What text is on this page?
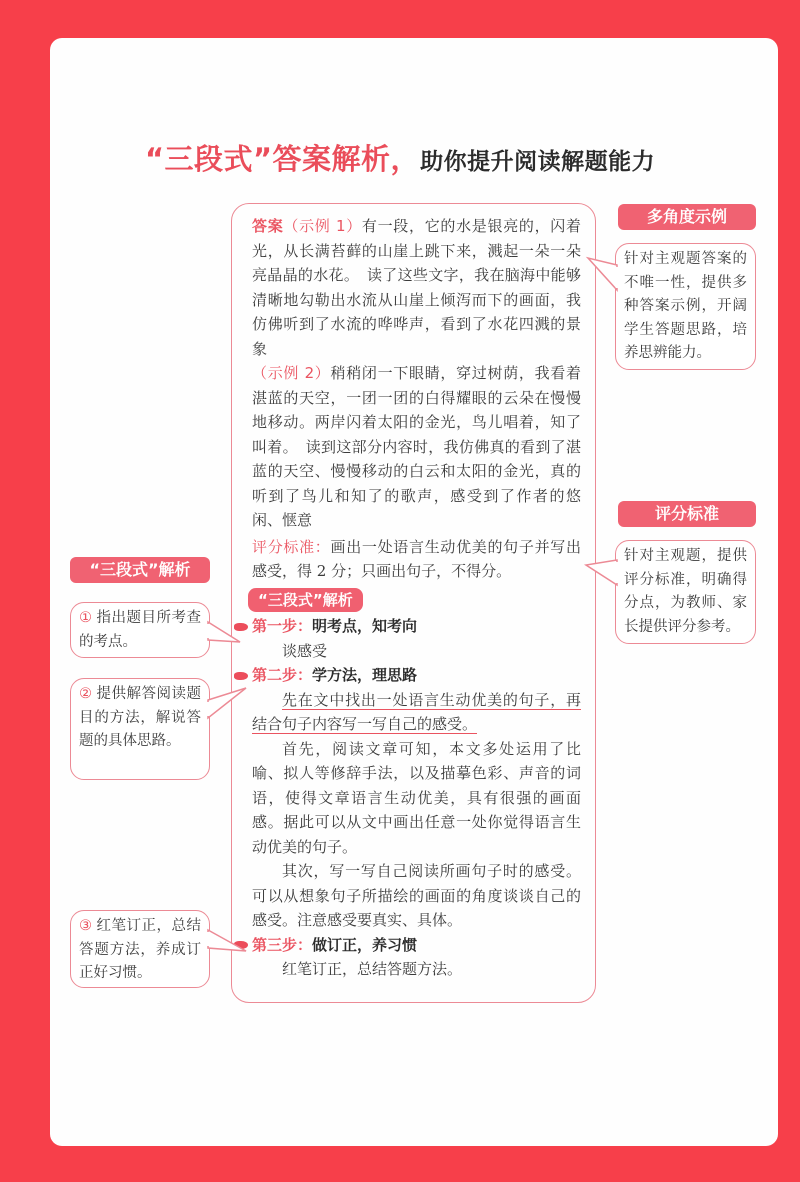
“三段式”答案解析，助你提升阅读解题能力

答案（示例 1）有一段，它的水是银亮的，闪着光，从长满苔藓的山崖上跳下来，溅起一朵一朵亮晶晶的水花。　读了这些文字，我在脑海中能够清晰地勾勒出水流从山崖上倾泻而下的画面，我仿佛听到了水流的哗哗声，看到了水花四溅的景象

（示例 2）稍稍闭一下眼睛，穿过树荫，我看着湛蓝的天空，一团一团的白得耀眼的云朵在慢慢地移动。两岸闪着太阳的金光，鸟儿唱着，知了叫着。　读到这部分内容时，我仿佛真的看到了湛蓝的天空、慢慢移动的白云和太阳的金光，真的听到了鸟儿和知了的歌声，感受到了作者的悠闲、惬意

评分标准：画出一处语言生动优美的句子并写出感受，得 2 分；只画出句子，不得分。

“三段式”解析
第一步：明考点，知考向

谈感受

第二步：学方法，理思路

先在文中找出一处语言生动优美的句子，再结合句子内容写一写自己的感受。

首先，阅读文章可知，本文多处运用了比喻、拟人等修辞手法，以及描摹色彩、声音的词语，使得文章语言生动优美，具有很强的画面感。据此可以从文中画出任意一处你觉得语言生动优美的句子。

其次，写一写自己阅读所画句子时的感受。可以从想象句子所描绘的画面的角度谈谈自己的感受。注意感受要真实、具体。

第三步：做订正，养习惯

红笔订正，总结答题方法。

多角度示例
针对主观题答案的不唯一性，提供多种答案示例，开阔学生答题思路，培养思辨能力。
评分标准
针对主观题，提供评分标准，明确得分点，为教师、家长提供评分参考。
“三段式”解析
① 指出题目所考查的考点。
② 提供解答阅读题目的方法，解说答题的具体思路。
③ 红笔订正，总结答题方法，养成订正好习惯。
